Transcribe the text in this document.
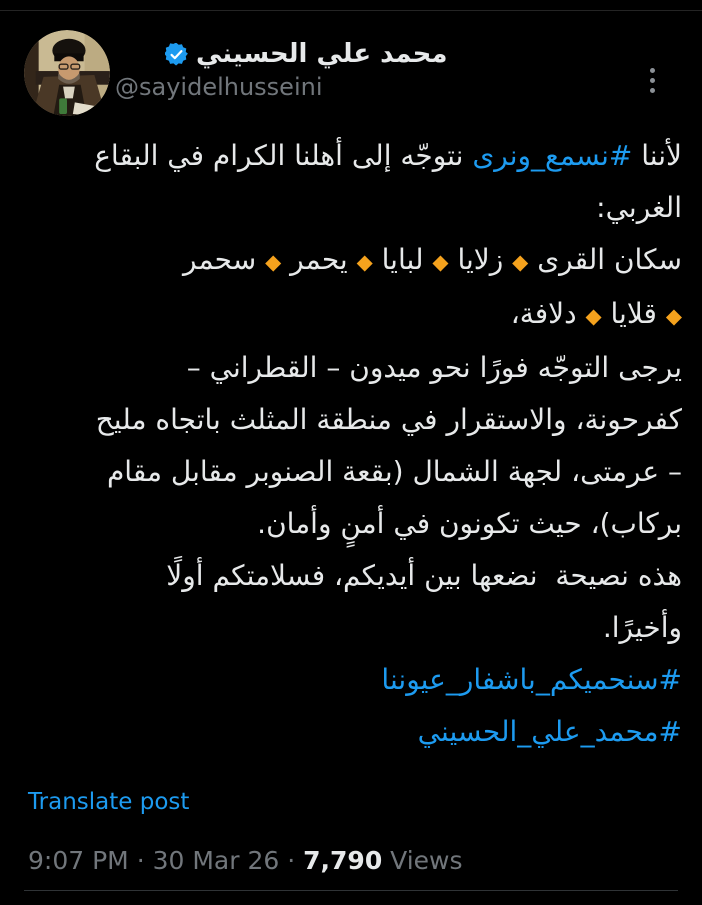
محمد علي الحسيني
@sayidelhusseini
لأننا #نسمع_ونرى نتوجّه إلى أهلنا الكرام في البقاع
الغربي:
سكان القرى ◆ زلايا ◆ لبايا ◆ يحمر ◆ سحمر
◆ قلايا ◆ دلافة،
يرجى التوجّه فورًا نحو ميدون – القطراني –
كفرحونة، والاستقرار في منطقة المثلث باتجاه مليح
– عرمتى، لجهة الشمال (بقعة الصنوبر مقابل مقام
بركاب)، حيث تكونون في أمنٍ وأمان.
هذه نصيحة  نضعها بين أيديكم، فسلامتكم أولًا
وأخيرًا.
#سنحميكم_باشفار_عيوننا
#محمد_علي_الحسيني
Translate post
9:07 PM · 30 Mar 26 · 7,790 Views
